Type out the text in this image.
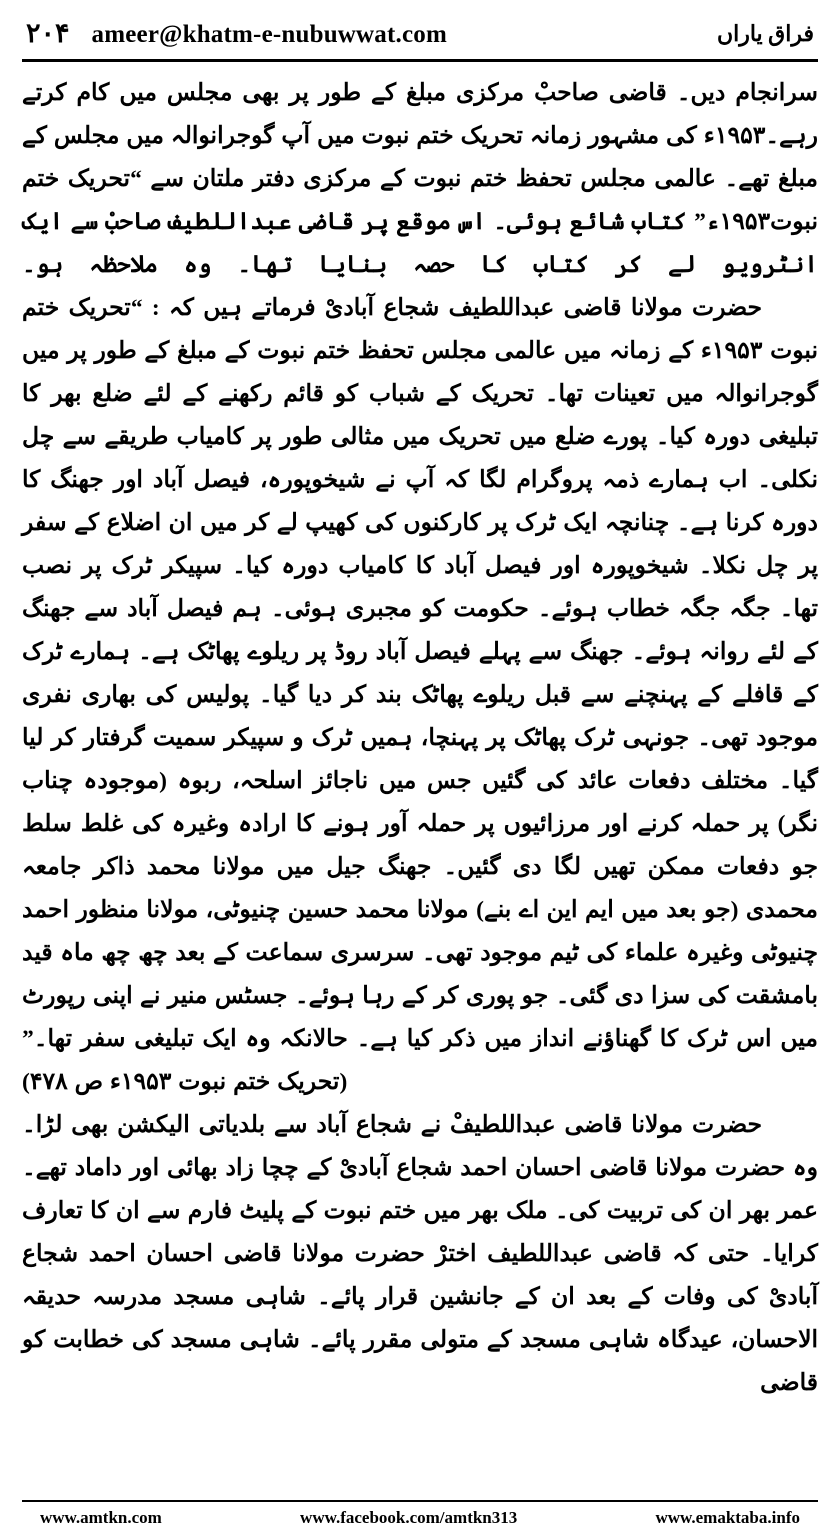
ameer@khatm-e-nubuwwat.com
۲۰۴	فراق یاراں

سرانجام دیں۔ قاضی صاحبْ مرکزی مبلغ کے طور پر بھی مجلس میں کام کرتے رہے۔۱۹۵۳ء کی مشہور زمانہ تحریک ختم نبوت میں آپ گوجرانوالہ میں مجلس کے مبلغ تھے۔ عالمی مجلس تحفظ ختم نبوت کے مرکزی دفتر ملتان سے “تحریک ختم نبوت۱۹۵۳ء” کتاب شائع ہوئی۔ اس موقع پر قاضی عبداللطیف صاحبْ سے ایک انٹرویو لے کر کتاب کا حصہ بنایا تھا۔ وہ ملاحظہ ہو۔

حضرت مولانا قاضی عبداللطیف شجاع آبادیْ فرماتے ہیں کہ : “تحریک ختم نبوت ۱۹۵۳ء کے زمانہ میں عالمی مجلس تحفظ ختم نبوت کے مبلغ کے طور پر میں گوجرانوالہ میں تعینات تھا۔ تحریک کے شباب کو قائم رکھنے کے لئے ضلع بھر کا تبلیغی دورہ کیا۔ پورے ضلع میں تحریک میں مثالی طور پر کامیاب طریقے سے چل نکلی۔ اب ہمارے ذمہ پروگرام لگا کہ آپ نے شیخوپورہ، فیصل آباد اور جھنگ کا دورہ کرنا ہے۔ چنانچہ ایک ٹرک پر کارکنوں کی کھیپ لے کر میں ان اضلاع کے سفر پر چل نکلا۔ شیخوپورہ اور فیصل آباد کا کامیاب دورہ کیا۔ سپیکر ٹرک پر نصب تھا۔ جگہ جگہ خطاب ہوئے۔ حکومت کو مجبری ہوئی۔ ہم فیصل آباد سے جھنگ کے لئے روانہ ہوئے۔ جھنگ سے پہلے فیصل آباد روڈ پر ریلوے پھاٹک ہے۔ ہمارے ٹرک کے قافلے کے پہنچنے سے قبل ریلوے پھاٹک بند کر دیا گیا۔ پولیس کی بھاری نفری موجود تھی۔ جونہی ٹرک پھاٹک پر پہنچا، ہمیں ٹرک و سپیکر سمیت گرفتار کر لیا گیا۔ مختلف دفعات عائد کی گئیں جس میں ناجائز اسلحہ، ربوہ (موجودہ چناب نگر) پر حملہ کرنے اور مرزائیوں پر حملہ آور ہونے کا ارادہ وغیرہ کی غلط سلط جو دفعات ممکن تھیں لگا دی گئیں۔ جھنگ جیل میں مولانا محمد ذاکر جامعہ محمدی (جو بعد میں ایم این اے بنے) مولانا محمد حسین چنیوٹی، مولانا منظور احمد چنیوٹی وغیرہ علماء کی ٹیم موجود تھی۔ سرسری سماعت کے بعد چھ چھ ماہ قید بامشقت کی سزا دی گئی۔ جو پوری کر کے رہا ہوئے۔ جسٹس منیر نے اپنی رپورٹ میں اس ٹرک کا گھناؤنے انداز میں ذکر کیا ہے۔ حالانکہ وہ ایک تبلیغی سفر تھا۔”

(تحریک ختم نبوت ۱۹۵۳ء ص ۴۷۸)

حضرت مولانا قاضی عبداللطیفْ نے شجاع آباد سے بلدیاتی الیکشن بھی لڑا۔ وہ حضرت مولانا قاضی احسان احمد شجاع آبادیْ کے چچا زاد بھائی اور داماد تھے۔ عمر بھر ان کی تربیت کی۔ ملک بھر میں ختم نبوت کے پلیٹ فارم سے ان کا تعارف کرایا۔ حتی کہ قاضی عبداللطیف اخترْ حضرت مولانا قاضی احسان احمد شجاع آبادیْ کی وفات کے بعد ان کے جانشین قرار پائے۔ شاہی مسجد مدرسہ حدیقہ الاحسان، عیدگاہ شاہی مسجد کے متولی مقرر پائے۔ شاہی مسجد کی خطابت کو قاضی

www.amtkn.com	www.facebook.com/amtkn313	www.emaktaba.info
